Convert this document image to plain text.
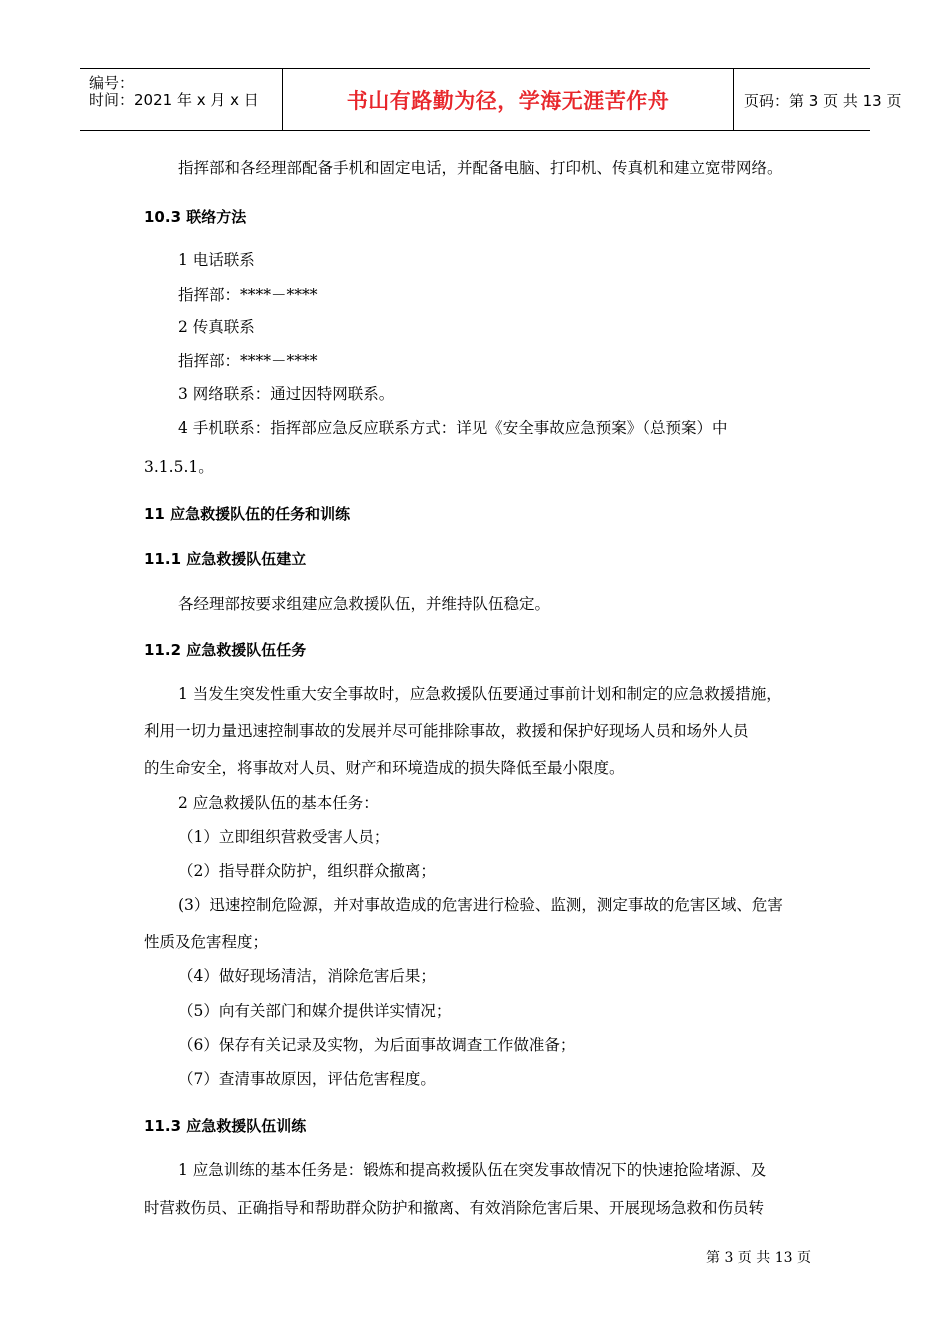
编号：
时间：2021 年 x 月 x 日	书山有路勤为径，学海无涯苦作舟	页码：第 3 页 共 13 页
指挥部和各经理部配备手机和固定电话，并配备电脑、打印机、传真机和建立宽带网络。
10.3 联络方法
1 电话联系
指挥部：****－****
2 传真联系
指挥部：****－****
3 网络联系：通过因特网联系。
4 手机联系：指挥部应急反应联系方式：详见《安全事故应急预案》（总预案）中
3.1.5.1。
11 应急救援队伍的任务和训练
11.1 应急救援队伍建立
各经理部按要求组建应急救援队伍，并维持队伍稳定。
11.2 应急救援队伍任务
1 当发生突发性重大安全事故时，应急救援队伍要通过事前计划和制定的应急救援措施，
利用一切力量迅速控制事故的发展并尽可能排除事故，救援和保护好现场人员和场外人员
的生命安全，将事故对人员、财产和环境造成的损失降低至最小限度。
2 应急救援队伍的基本任务：
（1）立即组织营救受害人员；
（2）指导群众防护，组织群众撤离；
(3）迅速控制危险源，并对事故造成的危害进行检验、监测，测定事故的危害区域、危害
性质及危害程度；
（4）做好现场清洁，消除危害后果；
（5）向有关部门和媒介提供详实情况；
（6）保存有关记录及实物，为后面事故调查工作做准备；
（7）查清事故原因，评估危害程度。
11.3 应急救援队伍训练
1 应急训练的基本任务是：锻炼和提高救援队伍在突发事故情况下的快速抢险堵源、及
时营救伤员、正确指导和帮助群众防护和撤离、有效消除危害后果、开展现场急救和伤员转
第 3 页 共 13 页
